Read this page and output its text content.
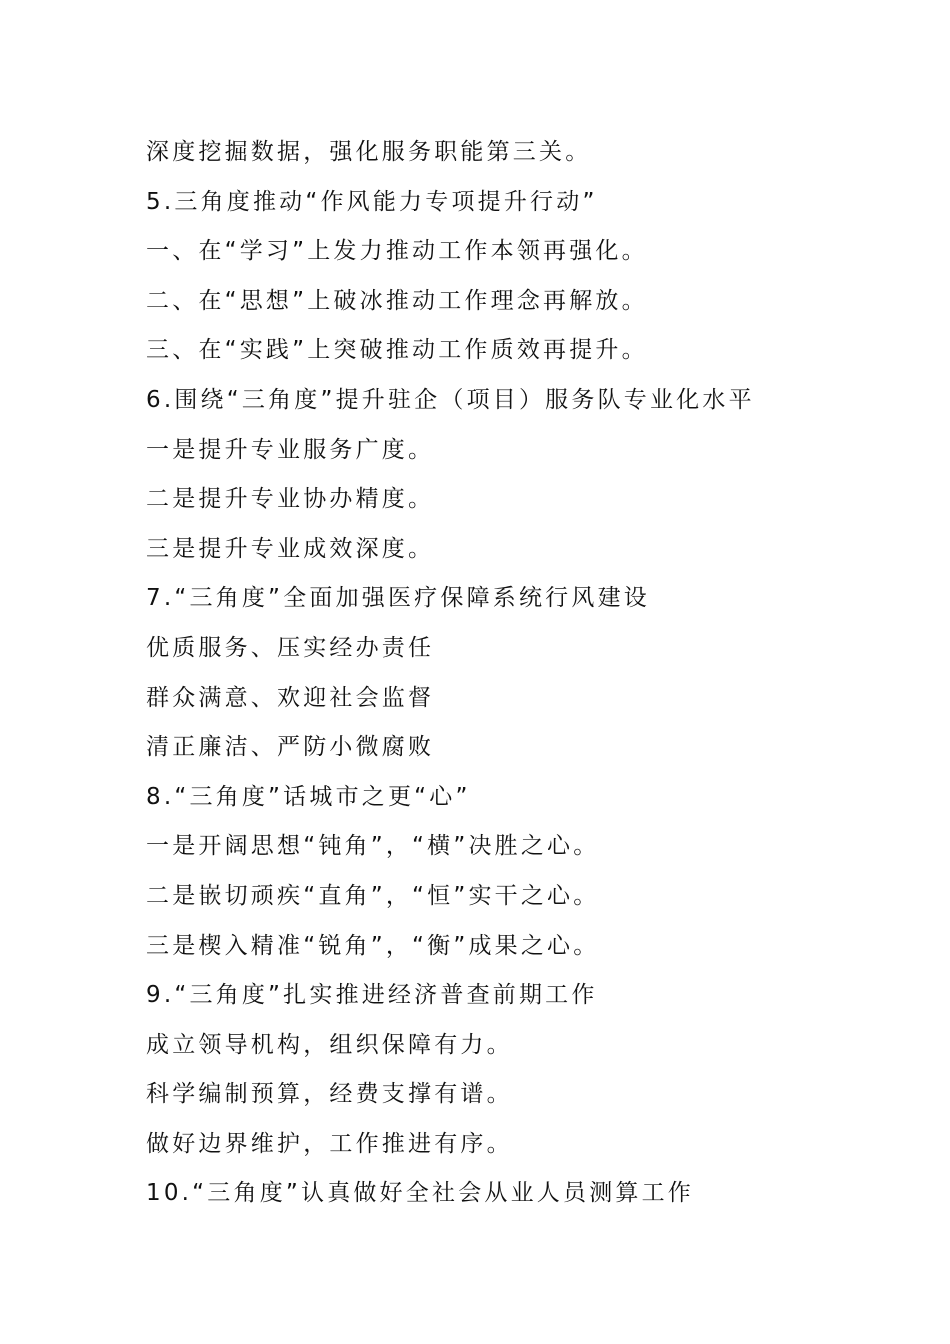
深度挖掘数据，强化服务职能第三关。
5.三角度推动“作风能力专项提升行动”
一、在“学习”上发力推动工作本领再强化。
二、在“思想”上破冰推动工作理念再解放。
三、在“实践”上突破推动工作质效再提升。
6.围绕“三角度”提升驻企（项目）服务队专业化水平
一是提升专业服务广度。
二是提升专业协办精度。
三是提升专业成效深度。
7.“三角度”全面加强医疗保障系统行风建设
优质服务、压实经办责任
群众满意、欢迎社会监督
清正廉洁、严防小微腐败
8.“三角度”话城市之更“心”
一是开阔思想“钝角”，“横”决胜之心。
二是嵌切顽疾“直角”，“恒”实干之心。
三是楔入精准“锐角”，“衡”成果之心。
9.“三角度”扎实推进经济普查前期工作
成立领导机构，组织保障有力。
科学编制预算，经费支撑有谱。
做好边界维护，工作推进有序。
10.“三角度”认真做好全社会从业人员测算工作
